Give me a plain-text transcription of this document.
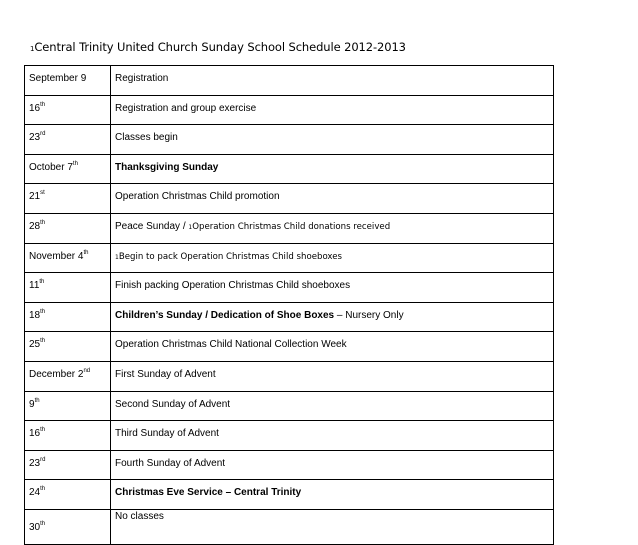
1Central Trinity United Church Sunday School Schedule 2012-2013
September 9	Registration
16th	Registration and group exercise
23rd	Classes begin
October 7th	Thanksgiving Sunday
21st	Operation Christmas Child promotion
28th	Peace Sunday / 1Operation Christmas Child donations received
November 4th	1Begin to pack Operation Christmas Child shoeboxes
11th	Finish packing Operation Christmas Child shoeboxes
18th	Children’s Sunday / Dedication of Shoe Boxes – Nursery Only
25th	Operation Christmas Child National Collection Week
December 2nd	First Sunday of Advent
9th	Second Sunday of Advent
16th	Third Sunday of Advent
23rd	Fourth Sunday of Advent
24th	Christmas Eve Service – Central Trinity
30th	No classes
